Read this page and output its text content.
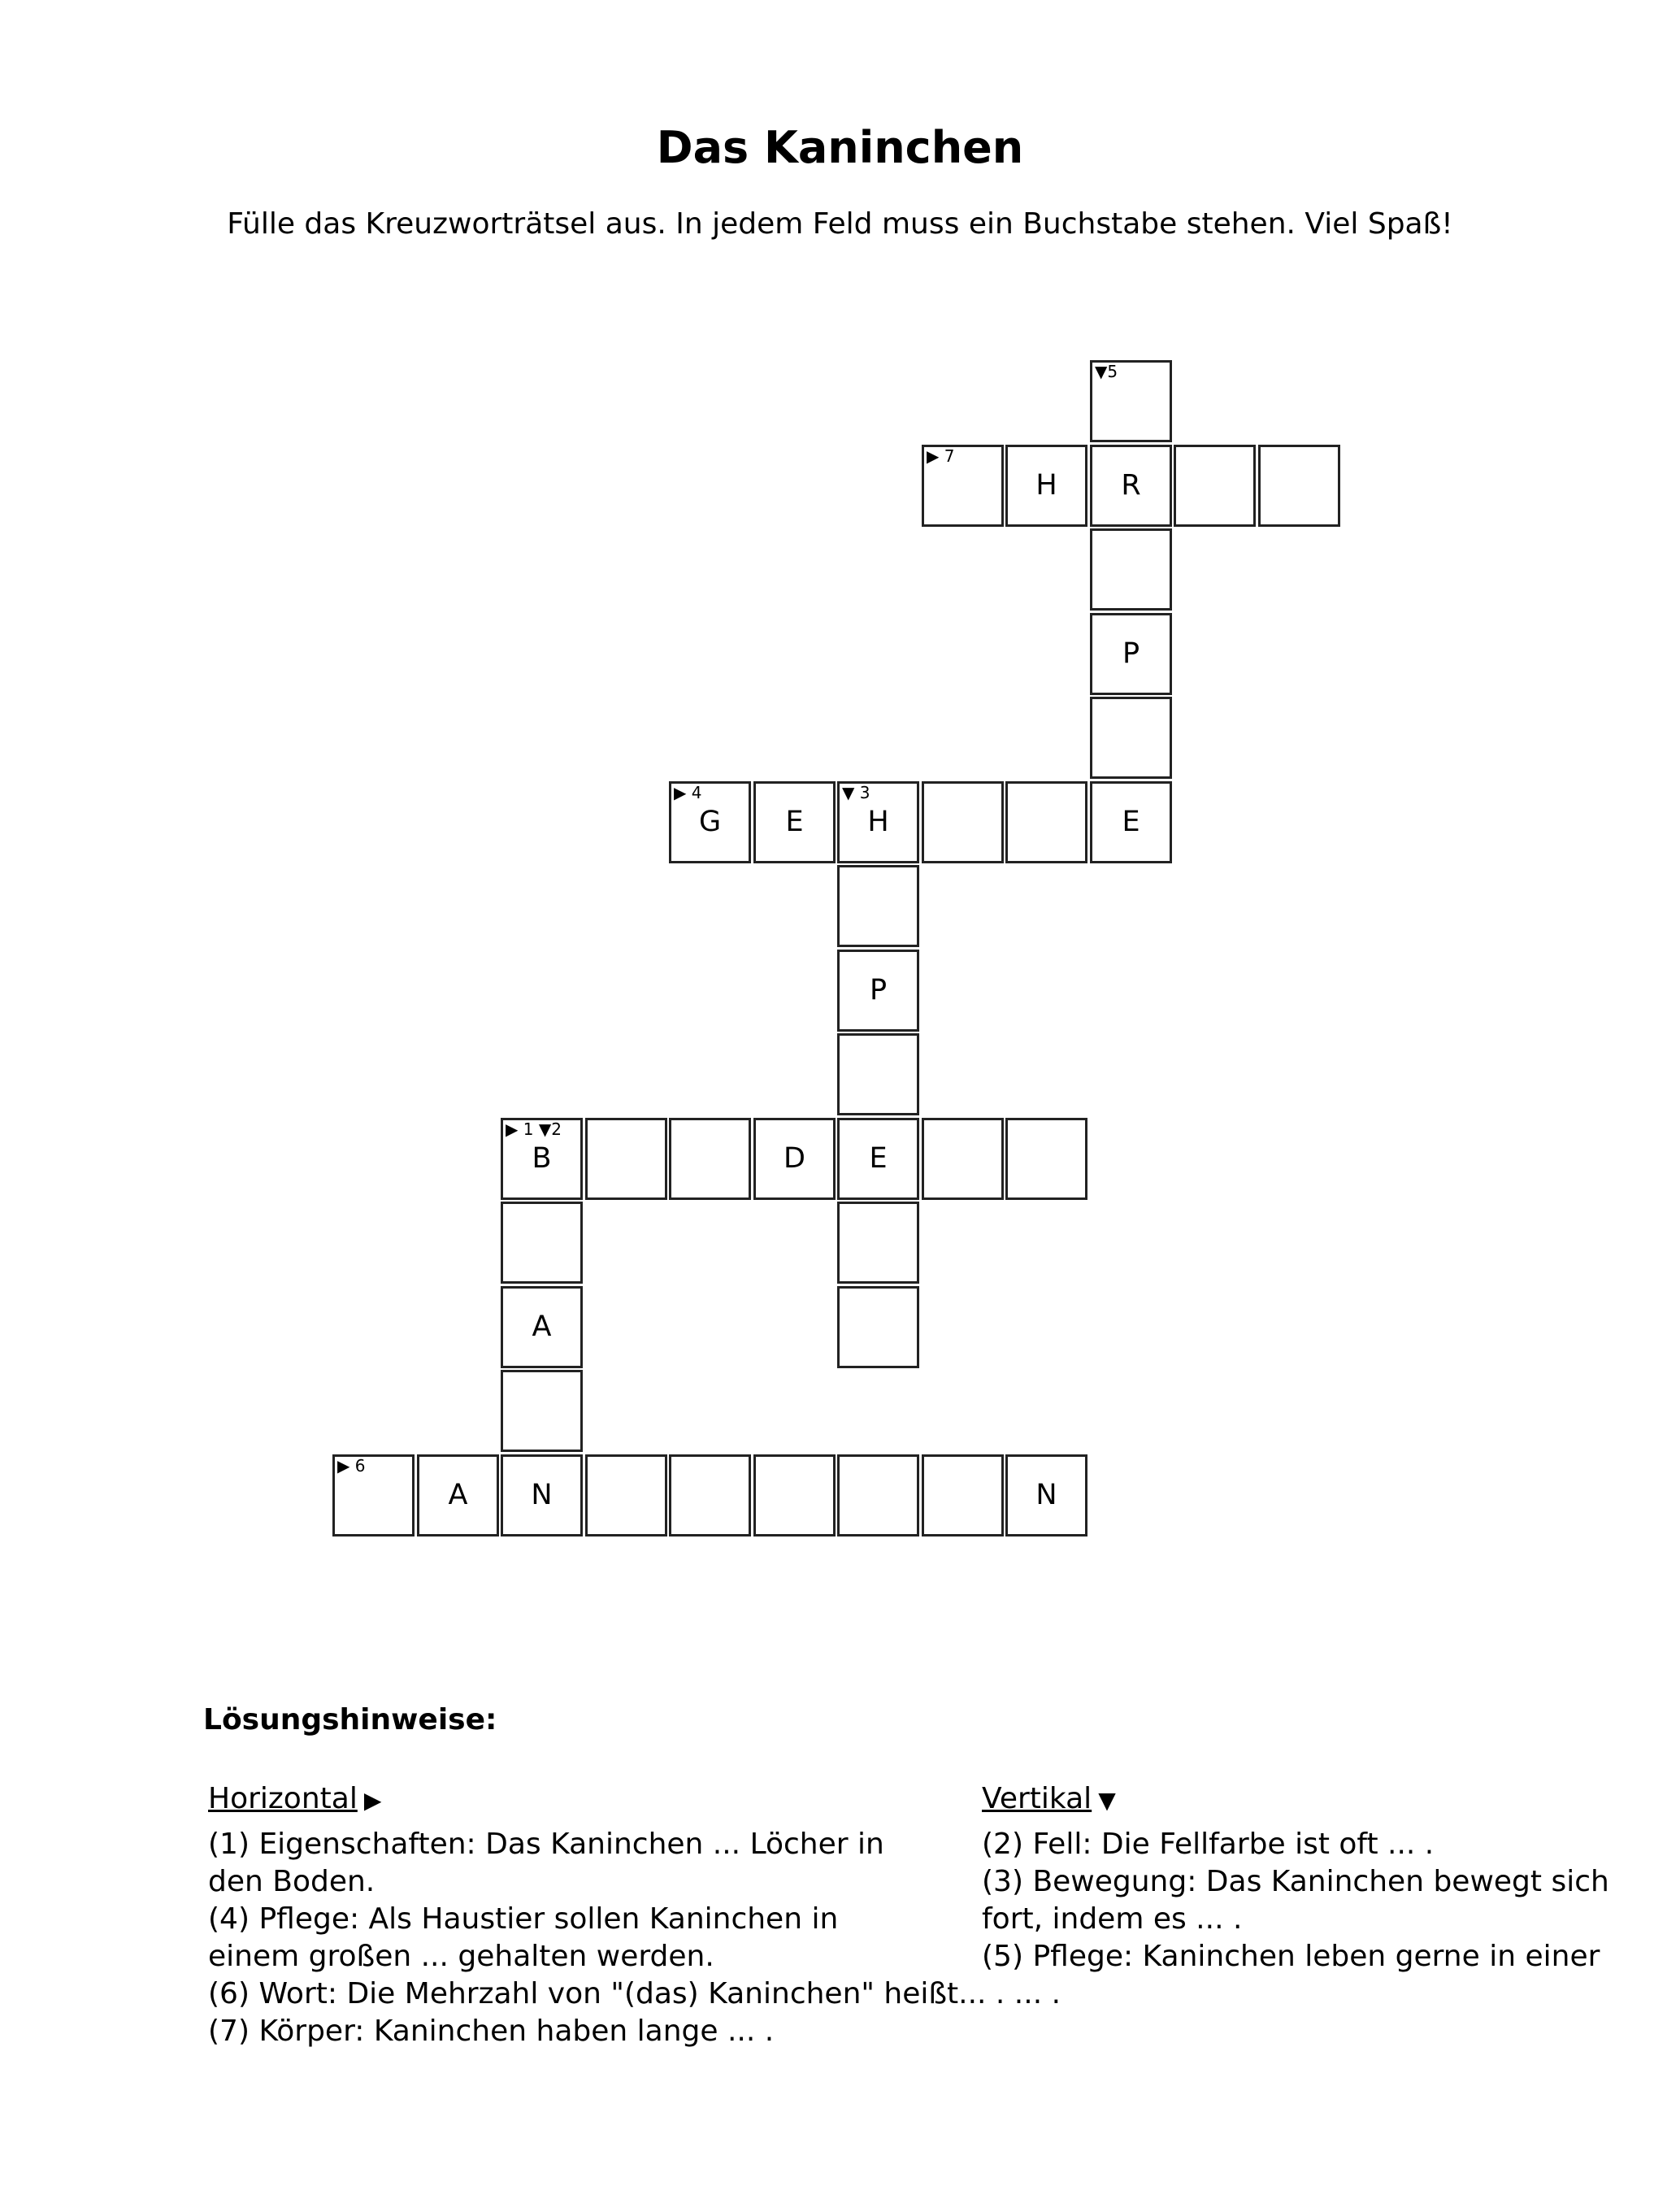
Das Kaninchen

Fülle das Kreuzworträtsel aus. In jedem Feld muss ein Buchstabe stehen. Viel Spaß!

▼5
▶ 7
H	R
P
▶ 4
G	E
▼ 3
H	E
P
▶ 1 ▼2
B	D	E
A
▶ 6
A	N	N
Lösungshinweise:
Horizontal ▶

(1) Eigenschaften: Das Kaninchen ... Löcher in den Boden.

(4) Pflege: Als Haustier sollen Kaninchen in einem großen ... gehalten werden.

(6) Wort: Die Mehrzahl von "(das) Kaninchen" heißt... . ... .

(7) Körper: Kaninchen haben lange ... .

Vertikal ▼

(2) Fell: Die Fellfarbe ist oft ... .

(3) Bewegung: Das Kaninchen bewegt sich fort, indem es ... .

(5) Pflege: Kaninchen leben gerne in einer
